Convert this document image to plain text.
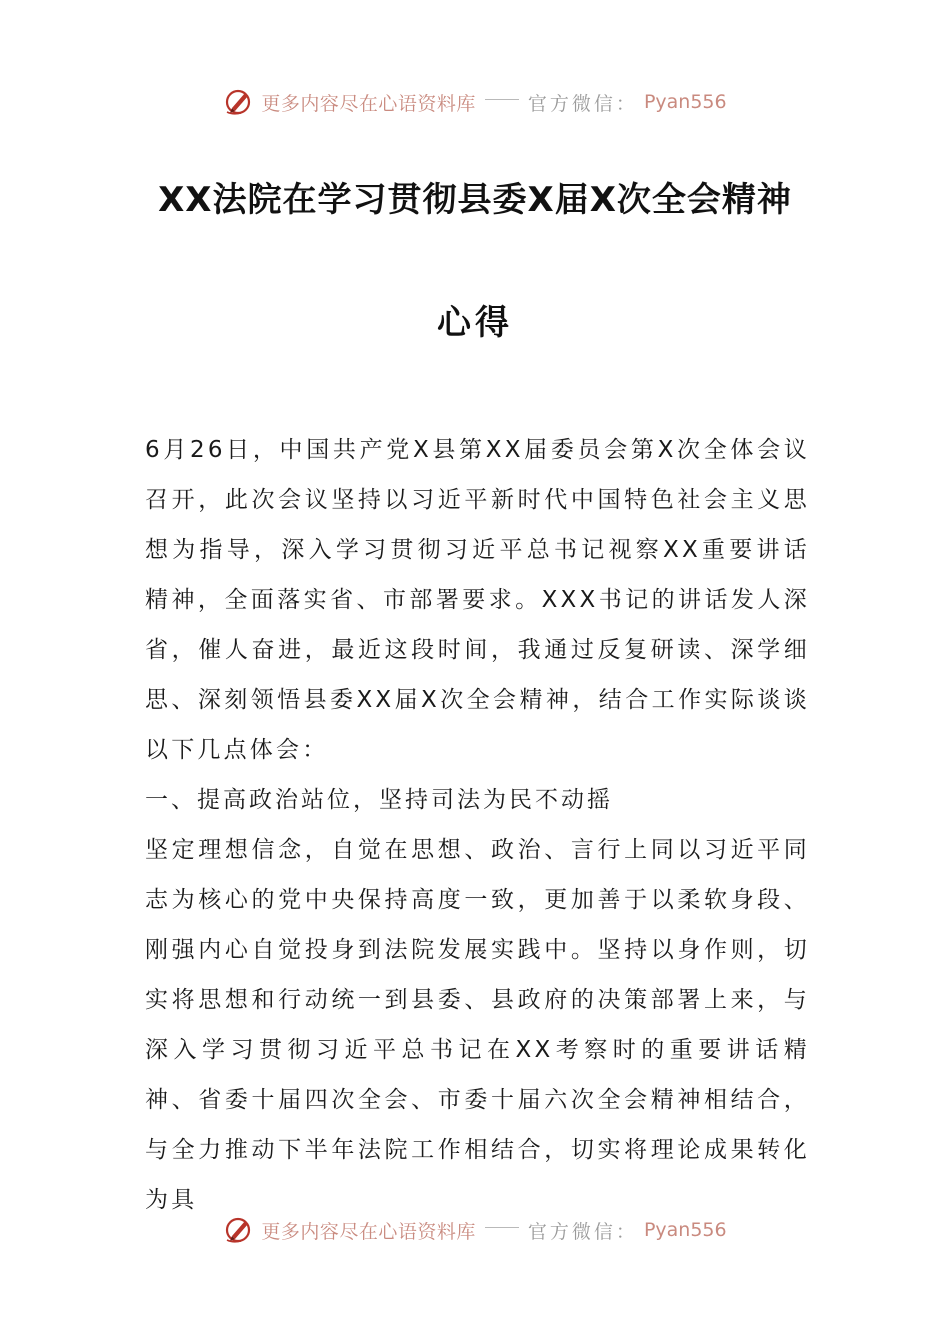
更多内容尽在心语资料库	官方微信： Pyan556
XX法院在学习贯彻县委X届X次全会精神
心得

6月26日，中国共产党X县第XX届委员会第X次全体会议召开，此次会议坚持以习近平新时代中国特色社会主义思想为指导，深入学习贯彻习近平总书记视察XX重要讲话精神，全面落实省、市部署要求。XXX书记的讲话发人深省，催人奋进，最近这段时间，我通过反复研读、深学细思、深刻领悟县委XX届X次全会精神，结合工作实际谈谈以下几点体会：

一、提高政治站位，坚持司法为民不动摇

坚定理想信念，自觉在思想、政治、言行上同以习近平同志为核心的党中央保持高度一致，更加善于以柔软身段、刚强内心自觉投身到法院发展实践中。坚持以身作则，切实将思想和行动统一到县委、县政府的决策部署上来，与深入学习贯彻习近平总书记在XX考察时的重要讲话精神、省委十届四次全会、市委十届六次全会精神相结合，与全力推动下半年法院工作相结合，切实将理论成果转化为具

更多内容尽在心语资料库	官方微信： Pyan556
